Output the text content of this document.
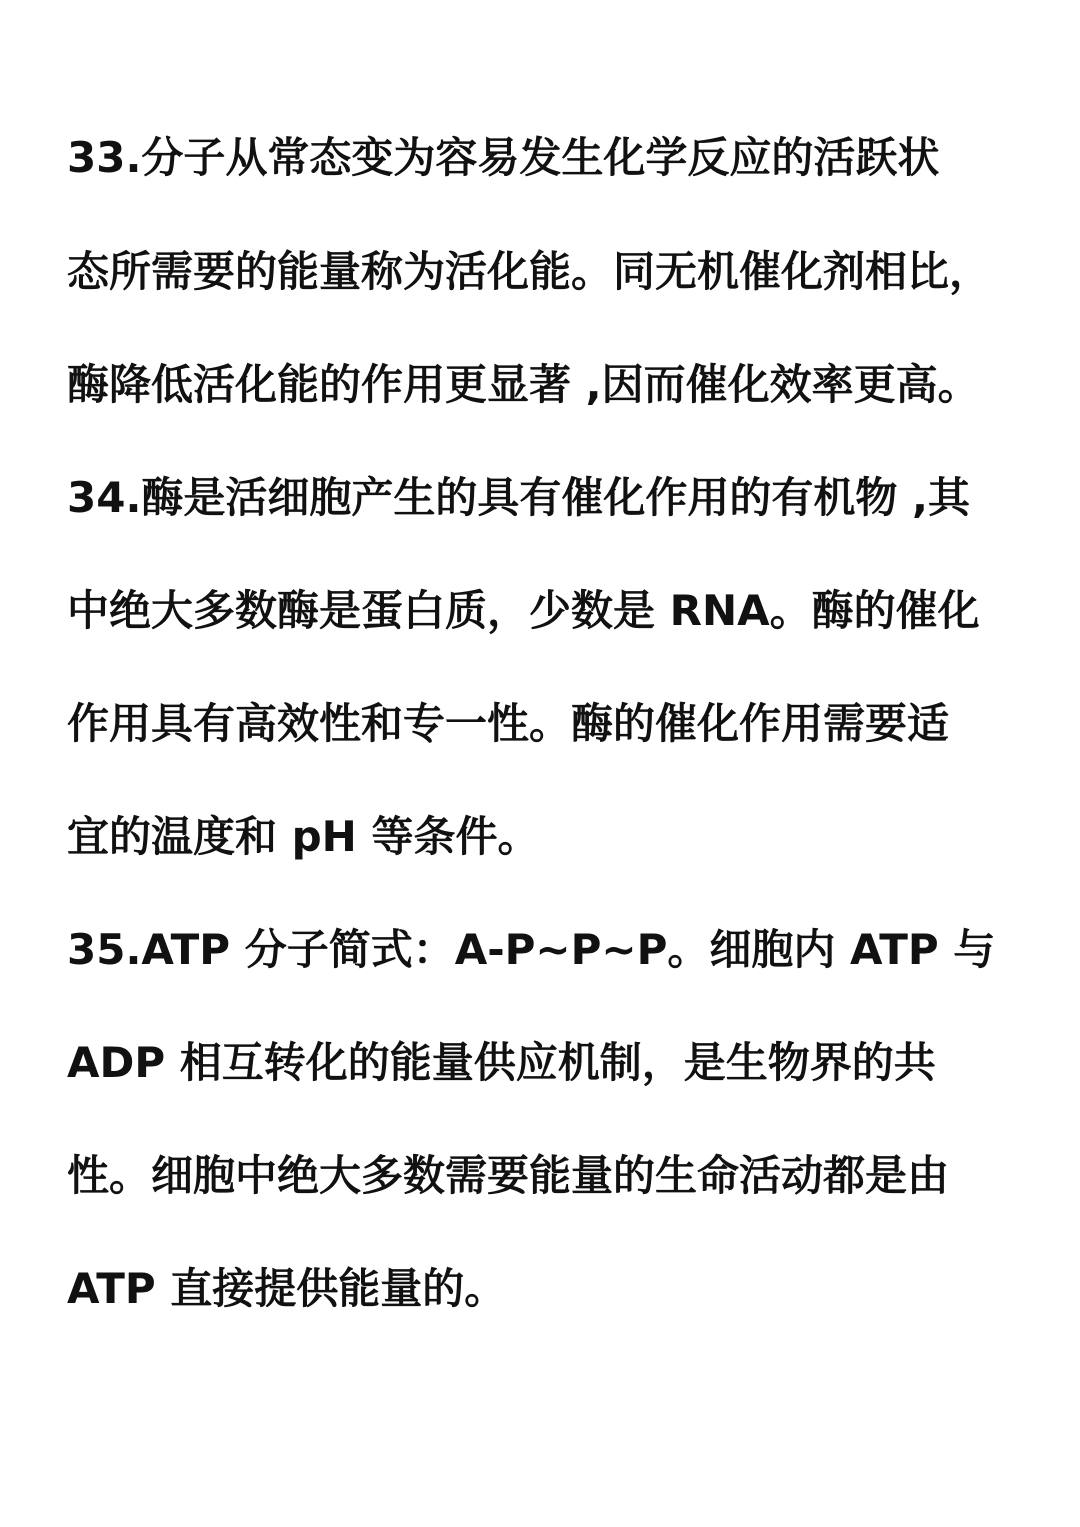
33.分子从常态变为容易发生化学反应的活跃状
态所需要的能量称为活化能。同无机催化剂相比，
酶降低活化能的作用更显著 ,因而催化效率更高。
34.酶是活细胞产生的具有催化作用的有机物 ,其
中绝大多数酶是蛋白质，少数是 RNA。酶的催化
作用具有高效性和专一性。酶的催化作用需要适
宜的温度和 pH 等条件。
35.ATP 分子简式：A-P~P~P。细胞内 ATP 与
ADP 相互转化的能量供应机制，是生物界的共
性。细胞中绝大多数需要能量的生命活动都是由
ATP 直接提供能量的。
